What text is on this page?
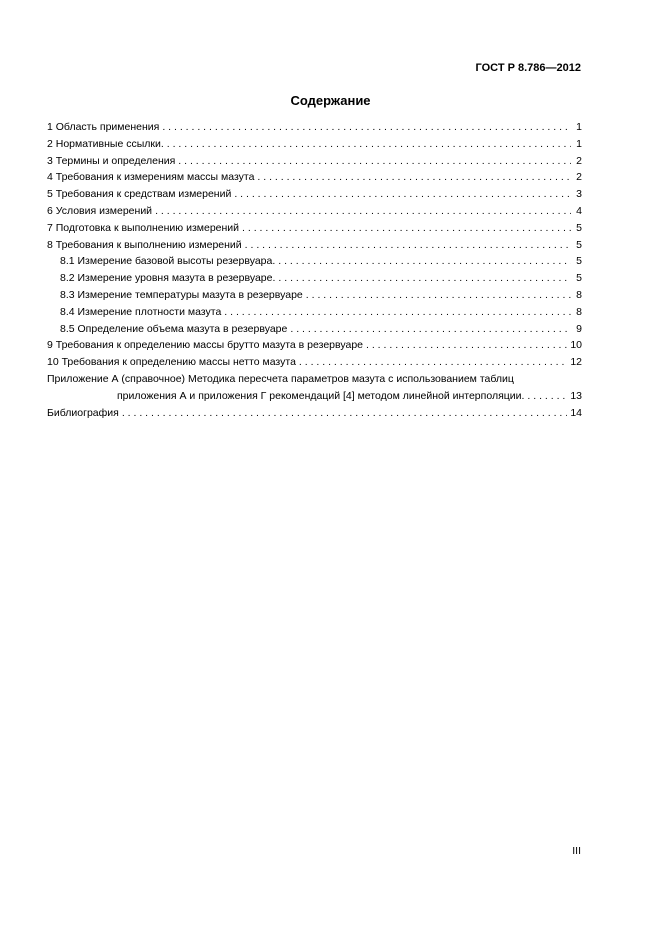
ГОСТ Р 8.786—2012
Содержание
1 Область применения . . .	1
2 Нормативные ссылки. . . .	1
3 Термины и определения . . .	2
4 Требования к измерениям массы мазута . . .	2
5 Требования к средствам измерений . . .	3
6 Условия измерений . . .	4
7 Подготовка к выполнению измерений . . .	5
8 Требования к выполнению измерений . . .	5
8.1 Измерение базовой высоты резервуара. . . .	5
8.2 Измерение уровня мазута в резервуаре. . . .	5
8.3 Измерение температуры мазута в резервуаре . . .	8
8.4 Измерение плотности мазута . . .	8
8.5 Определение объема мазута в резервуаре . . .	9
9 Требования к определению массы брутто мазута в резервуаре . . .	10
10 Требования к определению массы нетто мазута . . .	12
Приложение А (справочное) Методика пересчета параметров мазута с использованием таблиц
приложения А и приложения Г рекомендаций [4] методом линейной интерполяции. . . .	13
Библиография . . .	14
III
